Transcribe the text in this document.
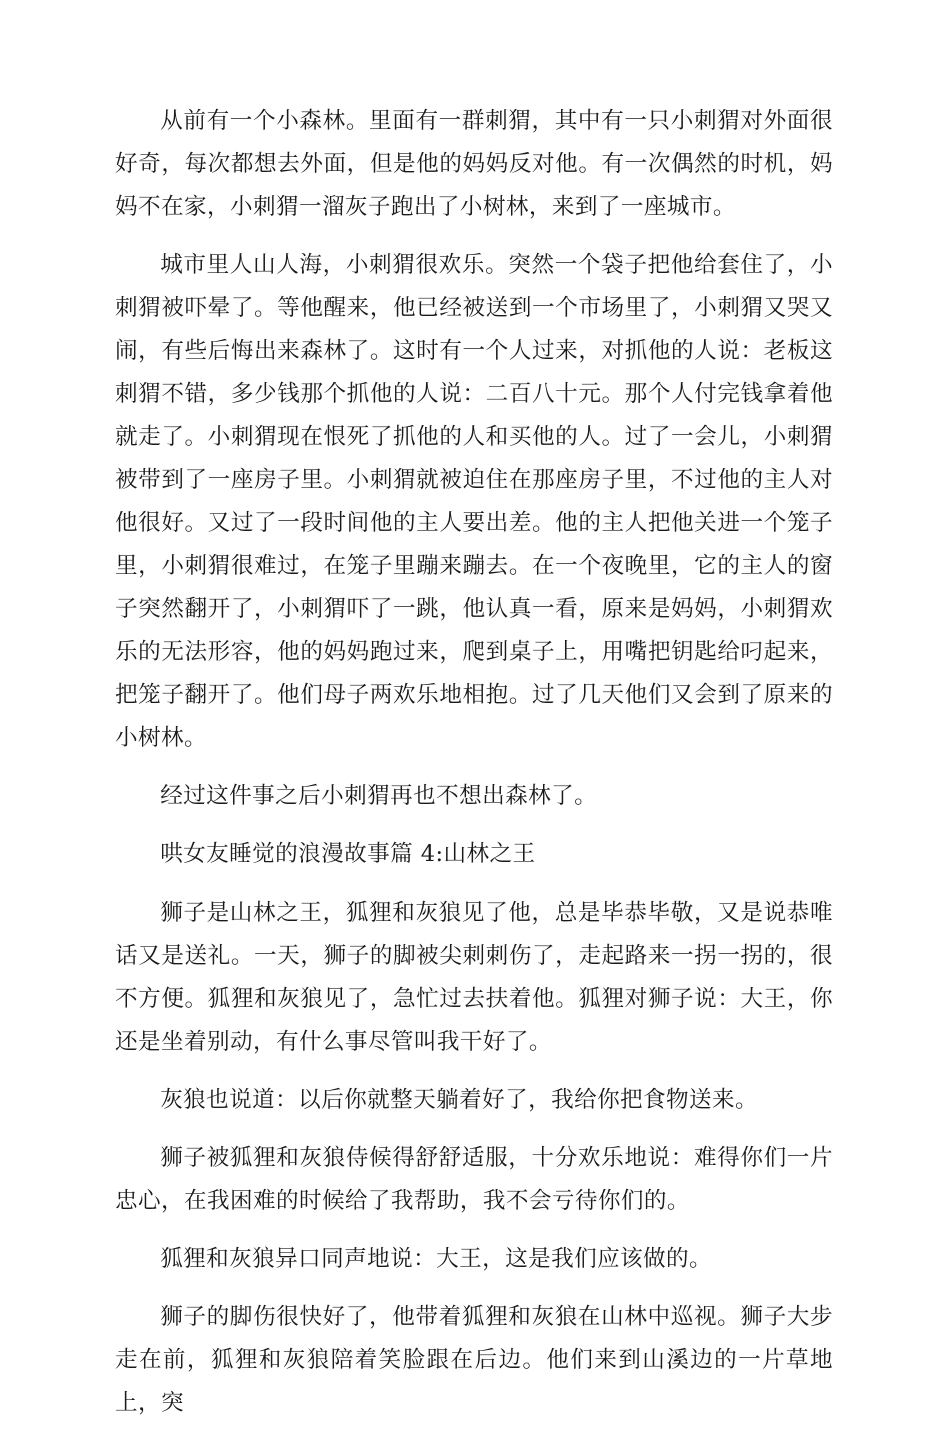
从前有一个小森林。里面有一群刺猬，其中有一只小刺猬对外面很好奇，每次都想去外面，但是他的妈妈反对他。有一次偶然的时机，妈妈不在家，小刺猬一溜灰子跑出了小树林，来到了一座城市。

城市里人山人海，小刺猬很欢乐。突然一个袋子把他给套住了，小刺猬被吓晕了。等他醒来，他已经被送到一个市场里了，小刺猬又哭又闹，有些后悔出来森林了。这时有一个人过来，对抓他的人说：老板这刺猬不错，多少钱那个抓他的人说：二百八十元。那个人付完钱拿着他就走了。小刺猬现在恨死了抓他的人和买他的人。过了一会儿，小刺猬被带到了一座房子里。小刺猬就被迫住在那座房子里，不过他的主人对他很好。又过了一段时间他的主人要出差。他的主人把他关进一个笼子里，小刺猬很难过，在笼子里蹦来蹦去。在一个夜晚里，它的主人的窗子突然翻开了，小刺猬吓了一跳，他认真一看，原来是妈妈，小刺猬欢乐的无法形容，他的妈妈跑过来，爬到桌子上，用嘴把钥匙给叼起来，把笼子翻开了。他们母子两欢乐地相抱。过了几天他们又会到了原来的小树林。

经过这件事之后小刺猬再也不想出森林了。

哄女友睡觉的浪漫故事篇 4:山林之王

狮子是山林之王，狐狸和灰狼见了他，总是毕恭毕敬，又是说恭唯话又是送礼。一天，狮子的脚被尖刺刺伤了，走起路来一拐一拐的，很不方便。狐狸和灰狼见了，急忙过去扶着他。狐狸对狮子说：大王，你还是坐着别动，有什么事尽管叫我干好了。

灰狼也说道：以后你就整天躺着好了，我给你把食物送来。

狮子被狐狸和灰狼侍候得舒舒适服，十分欢乐地说：难得你们一片忠心，在我困难的时候给了我帮助，我不会亏待你们的。

狐狸和灰狼异口同声地说：大王，这是我们应该做的。

狮子的脚伤很快好了，他带着狐狸和灰狼在山林中巡视。狮子大步走在前，狐狸和灰狼陪着笑脸跟在后边。他们来到山溪边的一片草地上，突
